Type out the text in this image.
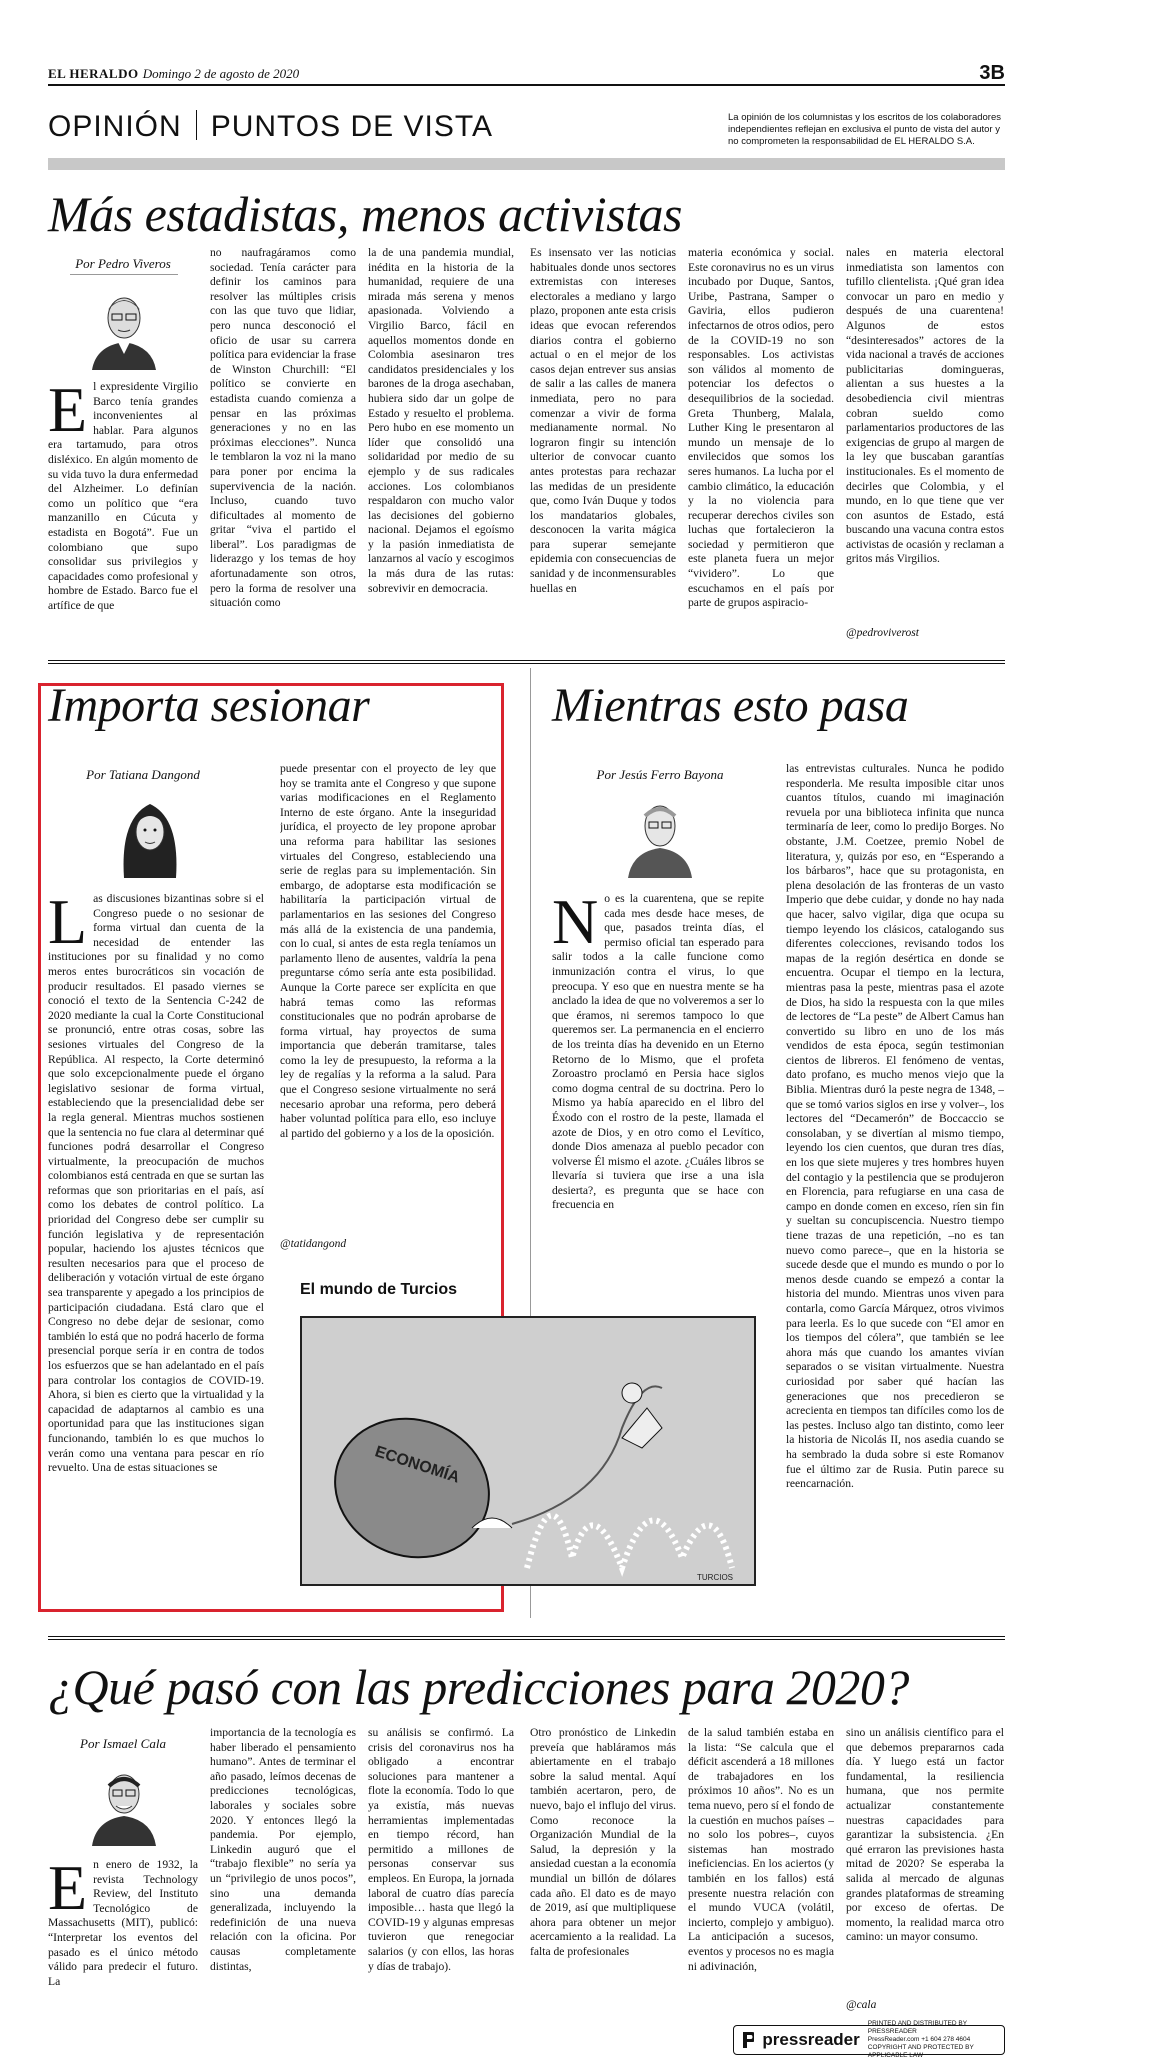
EL HERALDO Domingo 2 de agosto de 2020	3B
OPINIÓN PUNTOS DE VISTA	La opinión de los columnistas y los escritos de los colaboradores independientes reflejan en exclusiva el punto de vista del autor y no comprometen la responsabilidad de EL HERALDO S.A.
Más estadistas, menos activistas
Por Pedro Viveros
El expresidente Virgilio Barco tenía grandes inconvenientes al hablar. Para algunos era tartamudo, para otros disléxico. En algún momento de su vida tuvo la dura enfermedad del Alzheimer. Lo definían como un político que “era manzanillo en Cúcuta y estadista en Bogotá”. Fue un colombiano que supo consolidar sus privilegios y capacidades como profesional y hombre de Estado. Barco fue el artífice de que
no naufragáramos como sociedad. Tenía carácter para definir los caminos para resolver las múltiples crisis con las que tuvo que lidiar, pero nunca desconoció el oficio de usar su carrera política para evidenciar la frase de Winston Churchill: “El político se convierte en estadista cuando comienza a pensar en las próximas generaciones y no en las próximas elecciones”. Nunca le temblaron la voz ni la mano para poner por encima la supervivencia de la nación. Incluso, cuando tuvo dificultades al momento de gritar “viva el partido el liberal”. Los paradigmas de liderazgo y los temas de hoy afortunadamente son otros, pero la forma de resolver una situación como
la de una pandemia mundial, inédita en la historia de la humanidad, requiere de una mirada más serena y menos apasionada. Volviendo a Virgilio Barco, fácil en aquellos momentos donde en Colombia asesinaron tres candidatos presidenciales y los barones de la droga asechaban, hubiera sido dar un golpe de Estado y resuelto el problema. Pero hubo en ese momento un líder que consolidó una solidaridad por medio de su ejemplo y de sus radicales acciones. Los colombianos respaldaron con mucho valor las decisiones del gobierno nacional. Dejamos el egoísmo y la pasión inmediatista de lanzarnos al vacío y escogimos la más dura de las rutas: sobrevivir en democracia.
Es insensato ver las noticias habituales donde unos sectores extremistas con intereses electorales a mediano y largo plazo, proponen ante esta crisis ideas que evocan referendos diarios contra el gobierno actual o en el mejor de los casos dejan entrever sus ansias de salir a las calles de manera inmediata, pero no para comenzar a vivir de forma medianamente normal. No lograron fingir su intención ulterior de convocar cuanto antes protestas para rechazar las medidas de un presidente que, como Iván Duque y todos los mandatarios globales, desconocen la varita mágica para superar semejante epidemia con consecuencias de sanidad y de inconmensurables huellas en
materia económica y social. Este coronavirus no es un virus incubado por Duque, Santos, Uribe, Pastrana, Samper o Gaviria, ellos pudieron infectarnos de otros odios, pero de la COVID-19 no son responsables. Los activistas son válidos al momento de potenciar los defectos o desequilibrios de la sociedad. Greta Thunberg, Malala, Luther King le presentaron al mundo un mensaje de lo envilecidos que somos los seres humanos. La lucha por el cambio climático, la educación y la no violencia para recuperar derechos civiles son luchas que fortalecieron la sociedad y permitieron que este planeta fuera un mejor “vividero”. Lo que escuchamos en el país por parte de grupos aspiracio-
nales en materia electoral inmediatista son lamentos con tufillo clientelista. ¡Qué gran idea convocar un paro en medio y después de una cuarentena! Algunos de estos “desinteresados” actores de la vida nacional a través de acciones publicitarias domingueras, alientan a sus huestes a la desobediencia civil mientras cobran sueldo como parlamentarios productores de las exigencias de grupo al margen de la ley que buscaban garantías institucionales. Es el momento de decirles que Colombia, y el mundo, en lo que tiene que ver con asuntos de Estado, está buscando una vacuna contra estos activistas de ocasión y reclaman a gritos más Virgilios.
@pedroviverost
Importa sesionar
Por Tatiana Dangond
Las discusiones bizantinas sobre si el Congreso puede o no sesionar de forma virtual dan cuenta de la necesidad de entender las instituciones por su finalidad y no como meros entes burocráticos sin vocación de producir resultados. El pasado viernes se conoció el texto de la Sentencia C-242 de 2020 mediante la cual la Corte Constitucional se pronunció, entre otras cosas, sobre las sesiones virtuales del Congreso de la República. Al respecto, la Corte determinó que solo excepcionalmente puede el órgano legislativo sesionar de forma virtual, estableciendo que la presencialidad debe ser la regla general. Mientras muchos sostienen que la sentencia no fue clara al determinar qué funciones podrá desarrollar el Congreso virtualmente, la preocupación de muchos colombianos está centrada en que se surtan las reformas que son prioritarias en el país, así como los debates de control político. La prioridad del Congreso debe ser cumplir su función legislativa y de representación popular, haciendo los ajustes técnicos que resulten necesarios para que el proceso de deliberación y votación virtual de este órgano sea transparente y apegado a los principios de participación ciudadana. Está claro que el Congreso no debe dejar de sesionar, como también lo está que no podrá hacerlo de forma presencial porque sería ir en contra de todos los esfuerzos que se han adelantado en el país para controlar los contagios de COVID-19. Ahora, si bien es cierto que la virtualidad y la capacidad de adaptarnos al cambio es una oportunidad para que las instituciones sigan funcionando, también lo es que muchos lo verán como una ventana para pescar en río revuelto. Una de estas situaciones se
puede presentar con el proyecto de ley que hoy se tramita ante el Congreso y que supone varias modificaciones en el Reglamento Interno de este órgano. Ante la inseguridad jurídica, el proyecto de ley propone aprobar una reforma para habilitar las sesiones virtuales del Congreso, estableciendo una serie de reglas para su implementación. Sin embargo, de adoptarse esta modificación se habilitaría la participación virtual de parlamentarios en las sesiones del Congreso más allá de la existencia de una pandemia, con lo cual, si antes de esta regla teníamos un parlamento lleno de ausentes, valdría la pena preguntarse cómo sería ante esta posibilidad. Aunque la Corte parece ser explícita en que habrá temas como las reformas constitucionales que no podrán aprobarse de forma virtual, hay proyectos de suma importancia que deberán tramitarse, tales como la ley de presupuesto, la reforma a la ley de regalías y la reforma a la salud. Para que el Congreso sesione virtualmente no será necesario aprobar una reforma, pero deberá haber voluntad política para ello, eso incluye al partido del gobierno y a los de la oposición.
@tatidangond
El mundo de Turcios
ECONOMÍA
TURCIOS
Mientras esto pasa
Por Jesús Ferro Bayona
No es la cuarentena, que se repite cada mes desde hace meses, de que, pasados treinta días, el permiso oficial tan esperado para salir todos a la calle funcione como inmunización contra el virus, lo que preocupa. Y eso que en nuestra mente se ha anclado la idea de que no volveremos a ser lo que éramos, ni seremos tampoco lo que queremos ser. La permanencia en el encierro de los treinta días ha devenido en un Eterno Retorno de lo Mismo, que el profeta Zoroastro proclamó en Persia hace siglos como dogma central de su doctrina. Pero lo Mismo ya había aparecido en el libro del Éxodo con el rostro de la peste, llamada el azote de Dios, y en otro como el Levítico, donde Dios amenaza al pueblo pecador con volverse Él mismo el azote. ¿Cuáles libros se llevaría si tuviera que irse a una isla desierta?, es pregunta que se hace con frecuencia en
las entrevistas culturales. Nunca he podido responderla. Me resulta imposible citar unos cuantos títulos, cuando mi imaginación revuela por una biblioteca infinita que nunca terminaría de leer, como lo predijo Borges. No obstante, J.M. Coetzee, premio Nobel de literatura, y, quizás por eso, en “Esperando a los bárbaros”, hace que su protagonista, en plena desolación de las fronteras de un vasto Imperio que debe cuidar, y donde no hay nada que hacer, salvo vigilar, diga que ocupa su tiempo leyendo los clásicos, catalogando sus diferentes colecciones, revisando todos los mapas de la región desértica en donde se encuentra. Ocupar el tiempo en la lectura, mientras pasa la peste, mientras pasa el azote de Dios, ha sido la respuesta con la que miles de lectores de “La peste” de Albert Camus han convertido su libro en uno de los más vendidos de esta época, según testimonian cientos de libreros. El fenómeno de ventas, dato profano, es mucho menos viejo que la Biblia. Mientras duró la peste negra de 1348, –que se tomó varios siglos en irse y volver–, los lectores del “Decamerón” de Boccaccio se consolaban, y se divertían al mismo tiempo, leyendo los cien cuentos, que duran tres días, en los que siete mujeres y tres hombres huyen del contagio y la pestilencia que se produjeron en Florencia, para refugiarse en una casa de campo en donde comen en exceso, ríen sin fin y sueltan su concupiscencia. Nuestro tiempo tiene trazas de una repetición, –no es tan nuevo como parece–, que en la historia se sucede desde que el mundo es mundo o por lo menos desde cuando se empezó a contar la historia del mundo. Mientras unos viven para contarla, como García Márquez, otros vivimos para leerla. Es lo que sucede con “El amor en los tiempos del cólera”, que también se lee ahora más que cuando los amantes vivían separados o se visitan virtualmente. Nuestra curiosidad por saber qué hacían las generaciones que nos precedieron se acrecienta en tiempos tan difíciles como los de las pestes. Incluso algo tan distinto, como leer la historia de Nicolás II, nos asedia cuando se ha sembrado la duda sobre si este Romanov fue el último zar de Rusia. Putin parece su reencarnación.
¿Qué pasó con las predicciones para 2020?
Por Ismael Cala
En enero de 1932, la revista Technology Review, del Instituto Tecnológico de Massachusetts (MIT), publicó: “Interpretar los eventos del pasado es el único método válido para predecir el futuro. La
importancia de la tecnología es haber liberado el pensamiento humano”. Antes de terminar el año pasado, leímos decenas de predicciones tecnológicas, laborales y sociales sobre 2020. Y entonces llegó la pandemia. Por ejemplo, Linkedin auguró que el “trabajo flexible” no sería ya un “privilegio de unos pocos”, sino una demanda generalizada, incluyendo la redefinición de una nueva relación con la oficina. Por causas completamente distintas,
su análisis se confirmó. La crisis del coronavirus nos ha obligado a encontrar soluciones para mantener a flote la economía. Todo lo que ya existía, más nuevas herramientas implementadas en tiempo récord, han permitido a millones de personas conservar sus empleos. En Europa, la jornada laboral de cuatro días parecía imposible… hasta que llegó la COVID-19 y algunas empresas tuvieron que renegociar salarios (y con ellos, las horas y días de trabajo).
Otro pronóstico de Linkedin preveía que habláramos más abiertamente en el trabajo sobre la salud mental. Aquí también acertaron, pero, de nuevo, bajo el influjo del virus. Como reconoce la Organización Mundial de la Salud, la depresión y la ansiedad cuestan a la economía mundial un billón de dólares cada año. El dato es de mayo de 2019, así que multipliquese ahora para obtener un mejor acercamiento a la realidad. La falta de profesionales
de la salud también estaba en la lista: “Se calcula que el déficit ascenderá a 18 millones de trabajadores en los próximos 10 años”. No es un tema nuevo, pero sí el fondo de la cuestión en muchos países –no solo los pobres–, cuyos sistemas han mostrado ineficiencias. En los aciertos (y también en los fallos) está presente nuestra relación con el mundo VUCA (volátil, incierto, complejo y ambiguo). La anticipación a sucesos, eventos y procesos no es magia ni adivinación,
sino un análisis científico para el que debemos prepararnos cada día. Y luego está un factor fundamental, la resiliencia humana, que nos permite actualizar constantemente nuestras capacidades para garantizar la subsistencia. ¿En qué erraron las previsiones hasta mitad de 2020? Se esperaba la salida al mercado de algunas grandes plataformas de streaming por exceso de ofertas. De momento, la realidad marca otro camino: un mayor consumo.
@cala
pressreader
PRINTED AND DISTRIBUTED BY PRESSREADER
PressReader.com +1 604 278 4604
COPYRIGHT AND PROTECTED BY APPLICABLE LAW
